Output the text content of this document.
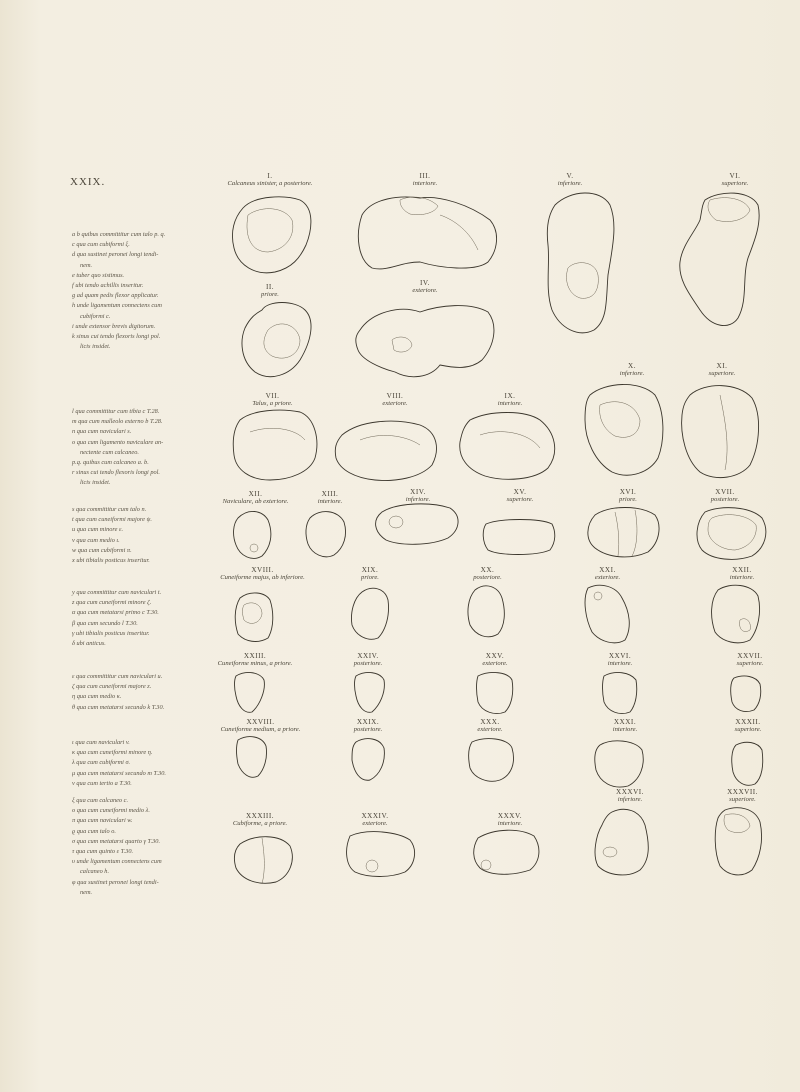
XXIX.
a b quibus committitur cum talo p. q.
c qua cum cubiformi ξ.
d qua sustinet peronei longi tendi-
nem.
e tuber quo sistimus.
f ubi tendo achillis inseritur.
g ad quam pedis flexor applicatur.
h unde ligamentum connectens cum
cubiformi c.
i unde extensor brevis digitorum.
k sinus cui tendo flexoris longi pol.
licis insidet.
l qua committitur cum tibia c T.28.
m qua cum malleolo externo b T.28.
n qua cum naviculari s.
o qua cum ligamento naviculare an-
nectente cum calcaneo.
p.q. quibus cum calcaneo a. b.
r sinus cui tendo flexoris longi pol.
licis insidet.
s qua committitur cum talo n.
t qua cum cuneiformi majore ψ.
u qua cum minore ε.
v qua cum medio ι.
w qua cum cubiformi π.
x ubi tibialis posticus inseritur.
y qua committitur cum naviculari t.
z qua cum cuneiformi minore ζ.
α qua cum metatarsi primo c T.30.
β qua cum secundo l T.30.
γ ubi tibialis posticus inseritur.
δ ubi anticus.
ε qua committitur cum naviculari u.
ζ qua cum cuneiformi majore z.
η qua cum medio κ.
θ qua cum metatarsi secundo k T.30.
ι qua cum naviculari v.
κ qua cum cuneiformi minore η.
λ qua cum cubiformi σ.
μ qua cum metatarsi secundo m T.30.
ν qua cum tertio a T.30.
ξ qua cum calcaneo c.
ο qua cum cuneiformi medio λ.
π qua cum naviculari w.
ϱ qua cum talo o.
σ qua cum metatarsi quarto γ T.30.
τ qua cum quinto ε T.30.
υ unde ligamentum connectens cum
calcaneo h.
φ qua sustinet peronei longi tendi-
nem.
I.
Calcaneus sinister, a posteriore.
II.
priore.
III.
interiore.
IV.
exteriore.
V.
inferiore.
VI.
superiore.
VII.
Talus, a priore.
VIII.
exteriore.
IX.
interiore.
X.
inferiore.
XI.
superiore.
XII.
Naviculare, ab exteriore.
XIII.
interiore.
XIV.
inferiore.
XV.
superiore.
XVI.
priore.
XVII.
posteriore.
XVIII.
Cuneiforme majus, ab inferiore.
XIX.
priore.
XX.
posteriore.
XXI.
exteriore.
XXII.
interiore.
XXIII.
Cuneiforme minus, a priore.
XXIV.
posteriore.
XXV.
exteriore.
XXVI.
interiore.
XXVII.
superiore.
XXVIII.
Cuneiforme medium, a priore.
XXIX.
posteriore.
XXX.
exteriore.
XXXI.
interiore.
XXXII.
superiore.
XXXIII.
Cubiforme, a priore.
XXXIV.
exteriore.
XXXV.
interiore.
XXXVI.
inferiore.
XXXVII.
superiore.
